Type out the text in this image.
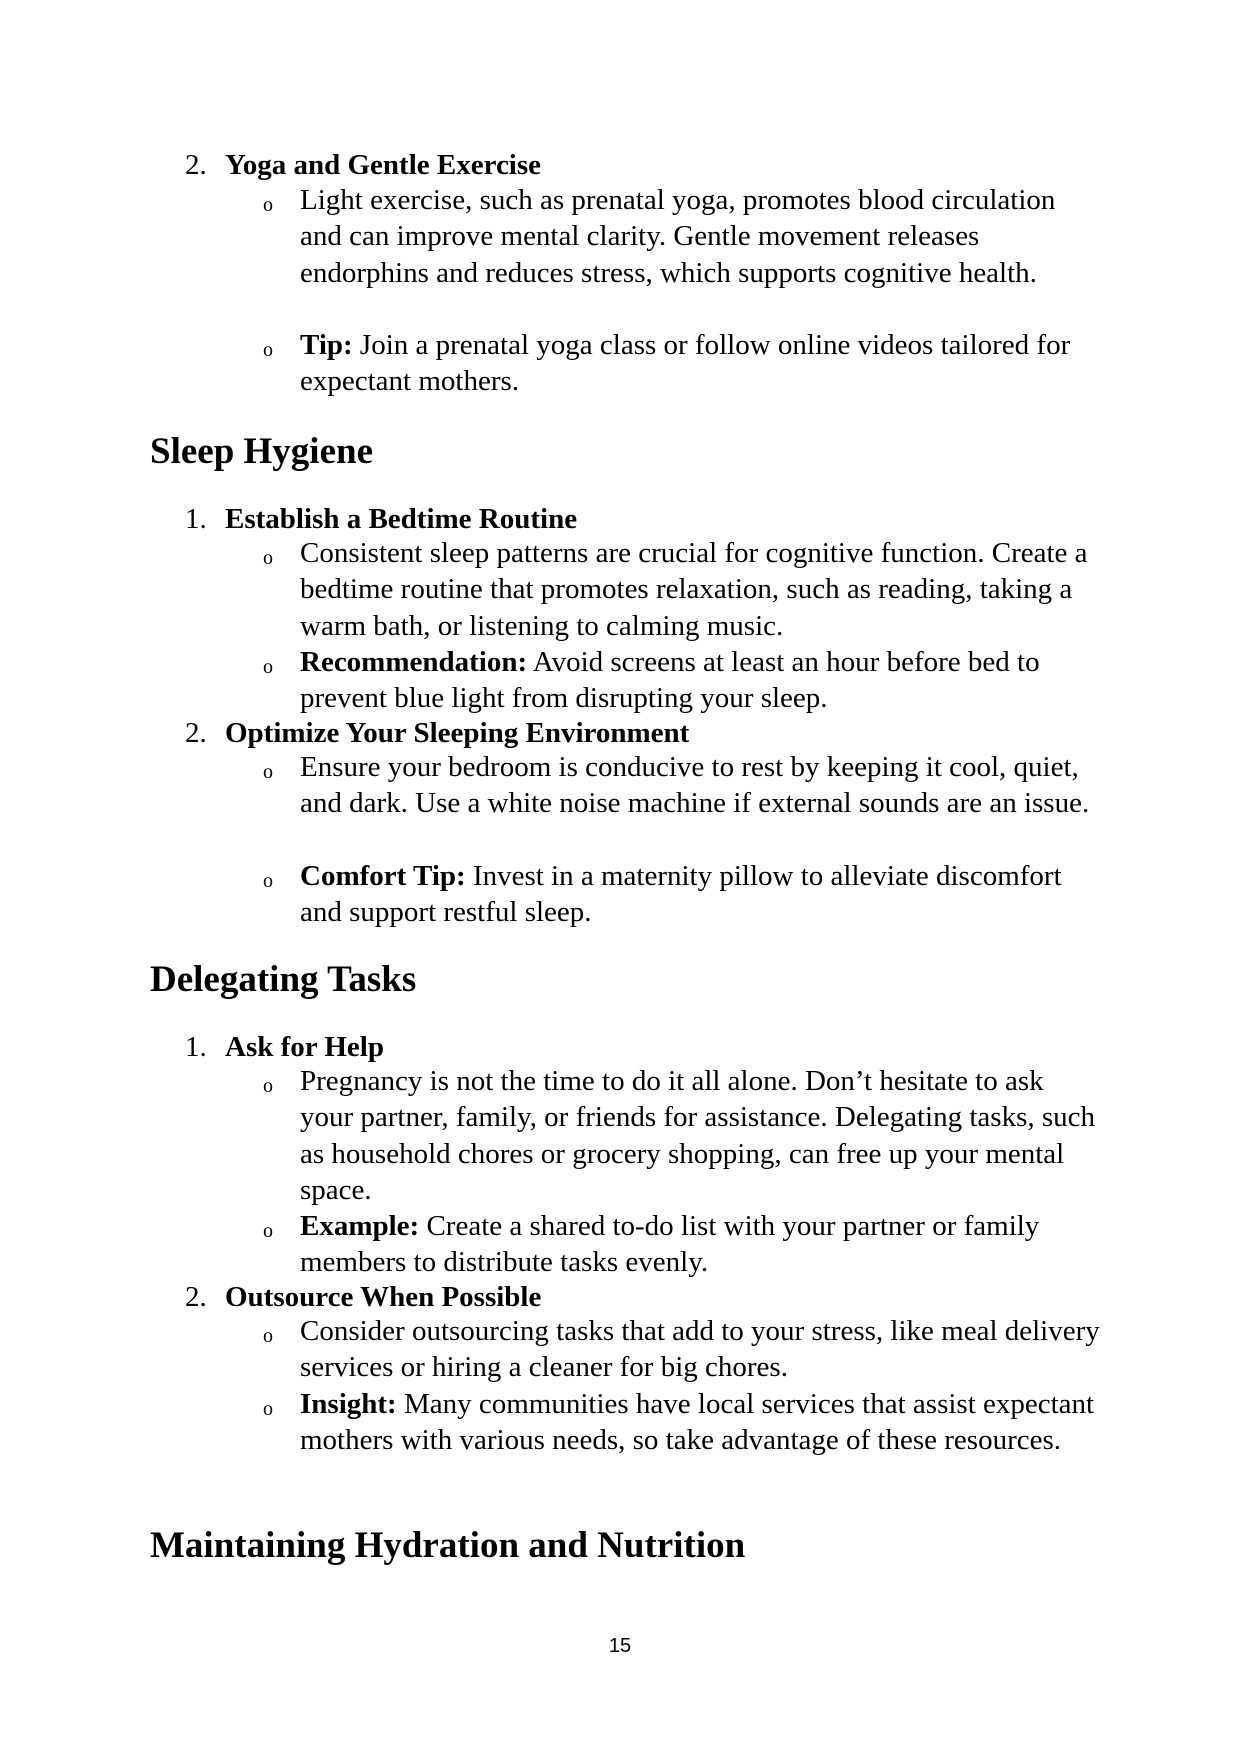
2. Yoga and Gentle Exercise
o Light exercise, such as prenatal yoga, promotes blood circulation and can improve mental clarity. Gentle movement releases endorphins and reduces stress, which supports cognitive health.
o Tip: Join a prenatal yoga class or follow online videos tailored for expectant mothers.
Sleep Hygiene
1. Establish a Bedtime Routine
o Consistent sleep patterns are crucial for cognitive function. Create a bedtime routine that promotes relaxation, such as reading, taking a warm bath, or listening to calming music.
o Recommendation: Avoid screens at least an hour before bed to prevent blue light from disrupting your sleep.
2. Optimize Your Sleeping Environment
o Ensure your bedroom is conducive to rest by keeping it cool, quiet, and dark. Use a white noise machine if external sounds are an issue.
o Comfort Tip: Invest in a maternity pillow to alleviate discomfort and support restful sleep.
Delegating Tasks
1. Ask for Help
o Pregnancy is not the time to do it all alone. Don’t hesitate to ask your partner, family, or friends for assistance. Delegating tasks, such as household chores or grocery shopping, can free up your mental space.
o Example: Create a shared to-do list with your partner or family members to distribute tasks evenly.
2. Outsource When Possible
o Consider outsourcing tasks that add to your stress, like meal delivery services or hiring a cleaner for big chores.
o Insight: Many communities have local services that assist expectant mothers with various needs, so take advantage of these resources.
Maintaining Hydration and Nutrition
15
